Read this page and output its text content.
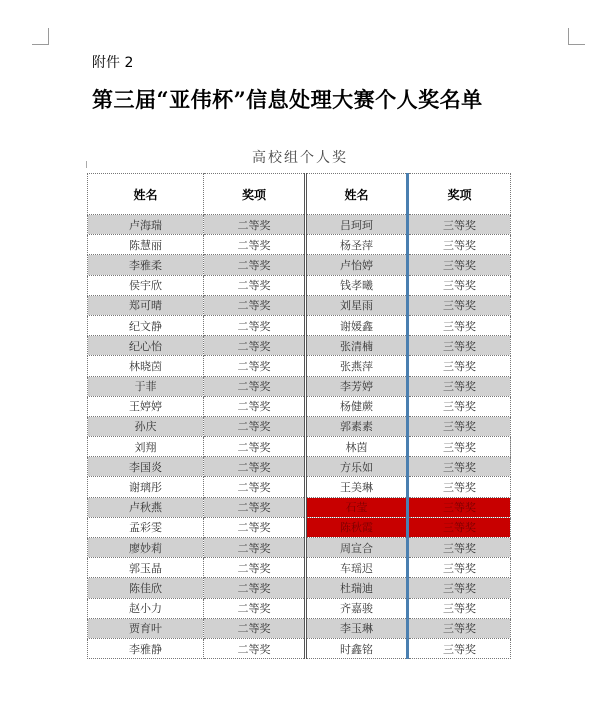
附件 2
第三届“亚伟杯”信息处理大赛个人奖名单
高校组个人奖
姓名	奖项	姓名	奖项
卢海瑞	二等奖	吕珂珂	三等奖
陈慧丽	二等奖	杨圣萍	三等奖
李雅柔	二等奖	卢怡婷	三等奖
侯宇欣	二等奖	钱孝曦	三等奖
郑可晴	二等奖	刘星雨	三等奖
纪文静	二等奖	谢媛鑫	三等奖
纪心怡	二等奖	张清楠	三等奖
林晓茵	二等奖	张燕萍	三等奖
于菲	二等奖	李芳婷	三等奖
王婷婷	二等奖	杨健蕨	三等奖
孙庆	二等奖	郭素素	三等奖
刘翔	二等奖	林茵	三等奖
李国炎	二等奖	方乐如	三等奖
谢璃彤	二等奖	王美琳	三等奖
卢秋燕	二等奖	石莹	三等奖
孟彩雯	二等奖	陈秋霞	三等奖
廖妙莉	二等奖	周宣合	三等奖
郭玉晶	二等奖	车瑶迟	三等奖
陈佳欣	二等奖	杜瑞迪	三等奖
赵小力	二等奖	齐嘉骏	三等奖
贾育叶	二等奖	李玉琳	三等奖
李雅静	二等奖	时鑫铭	三等奖
